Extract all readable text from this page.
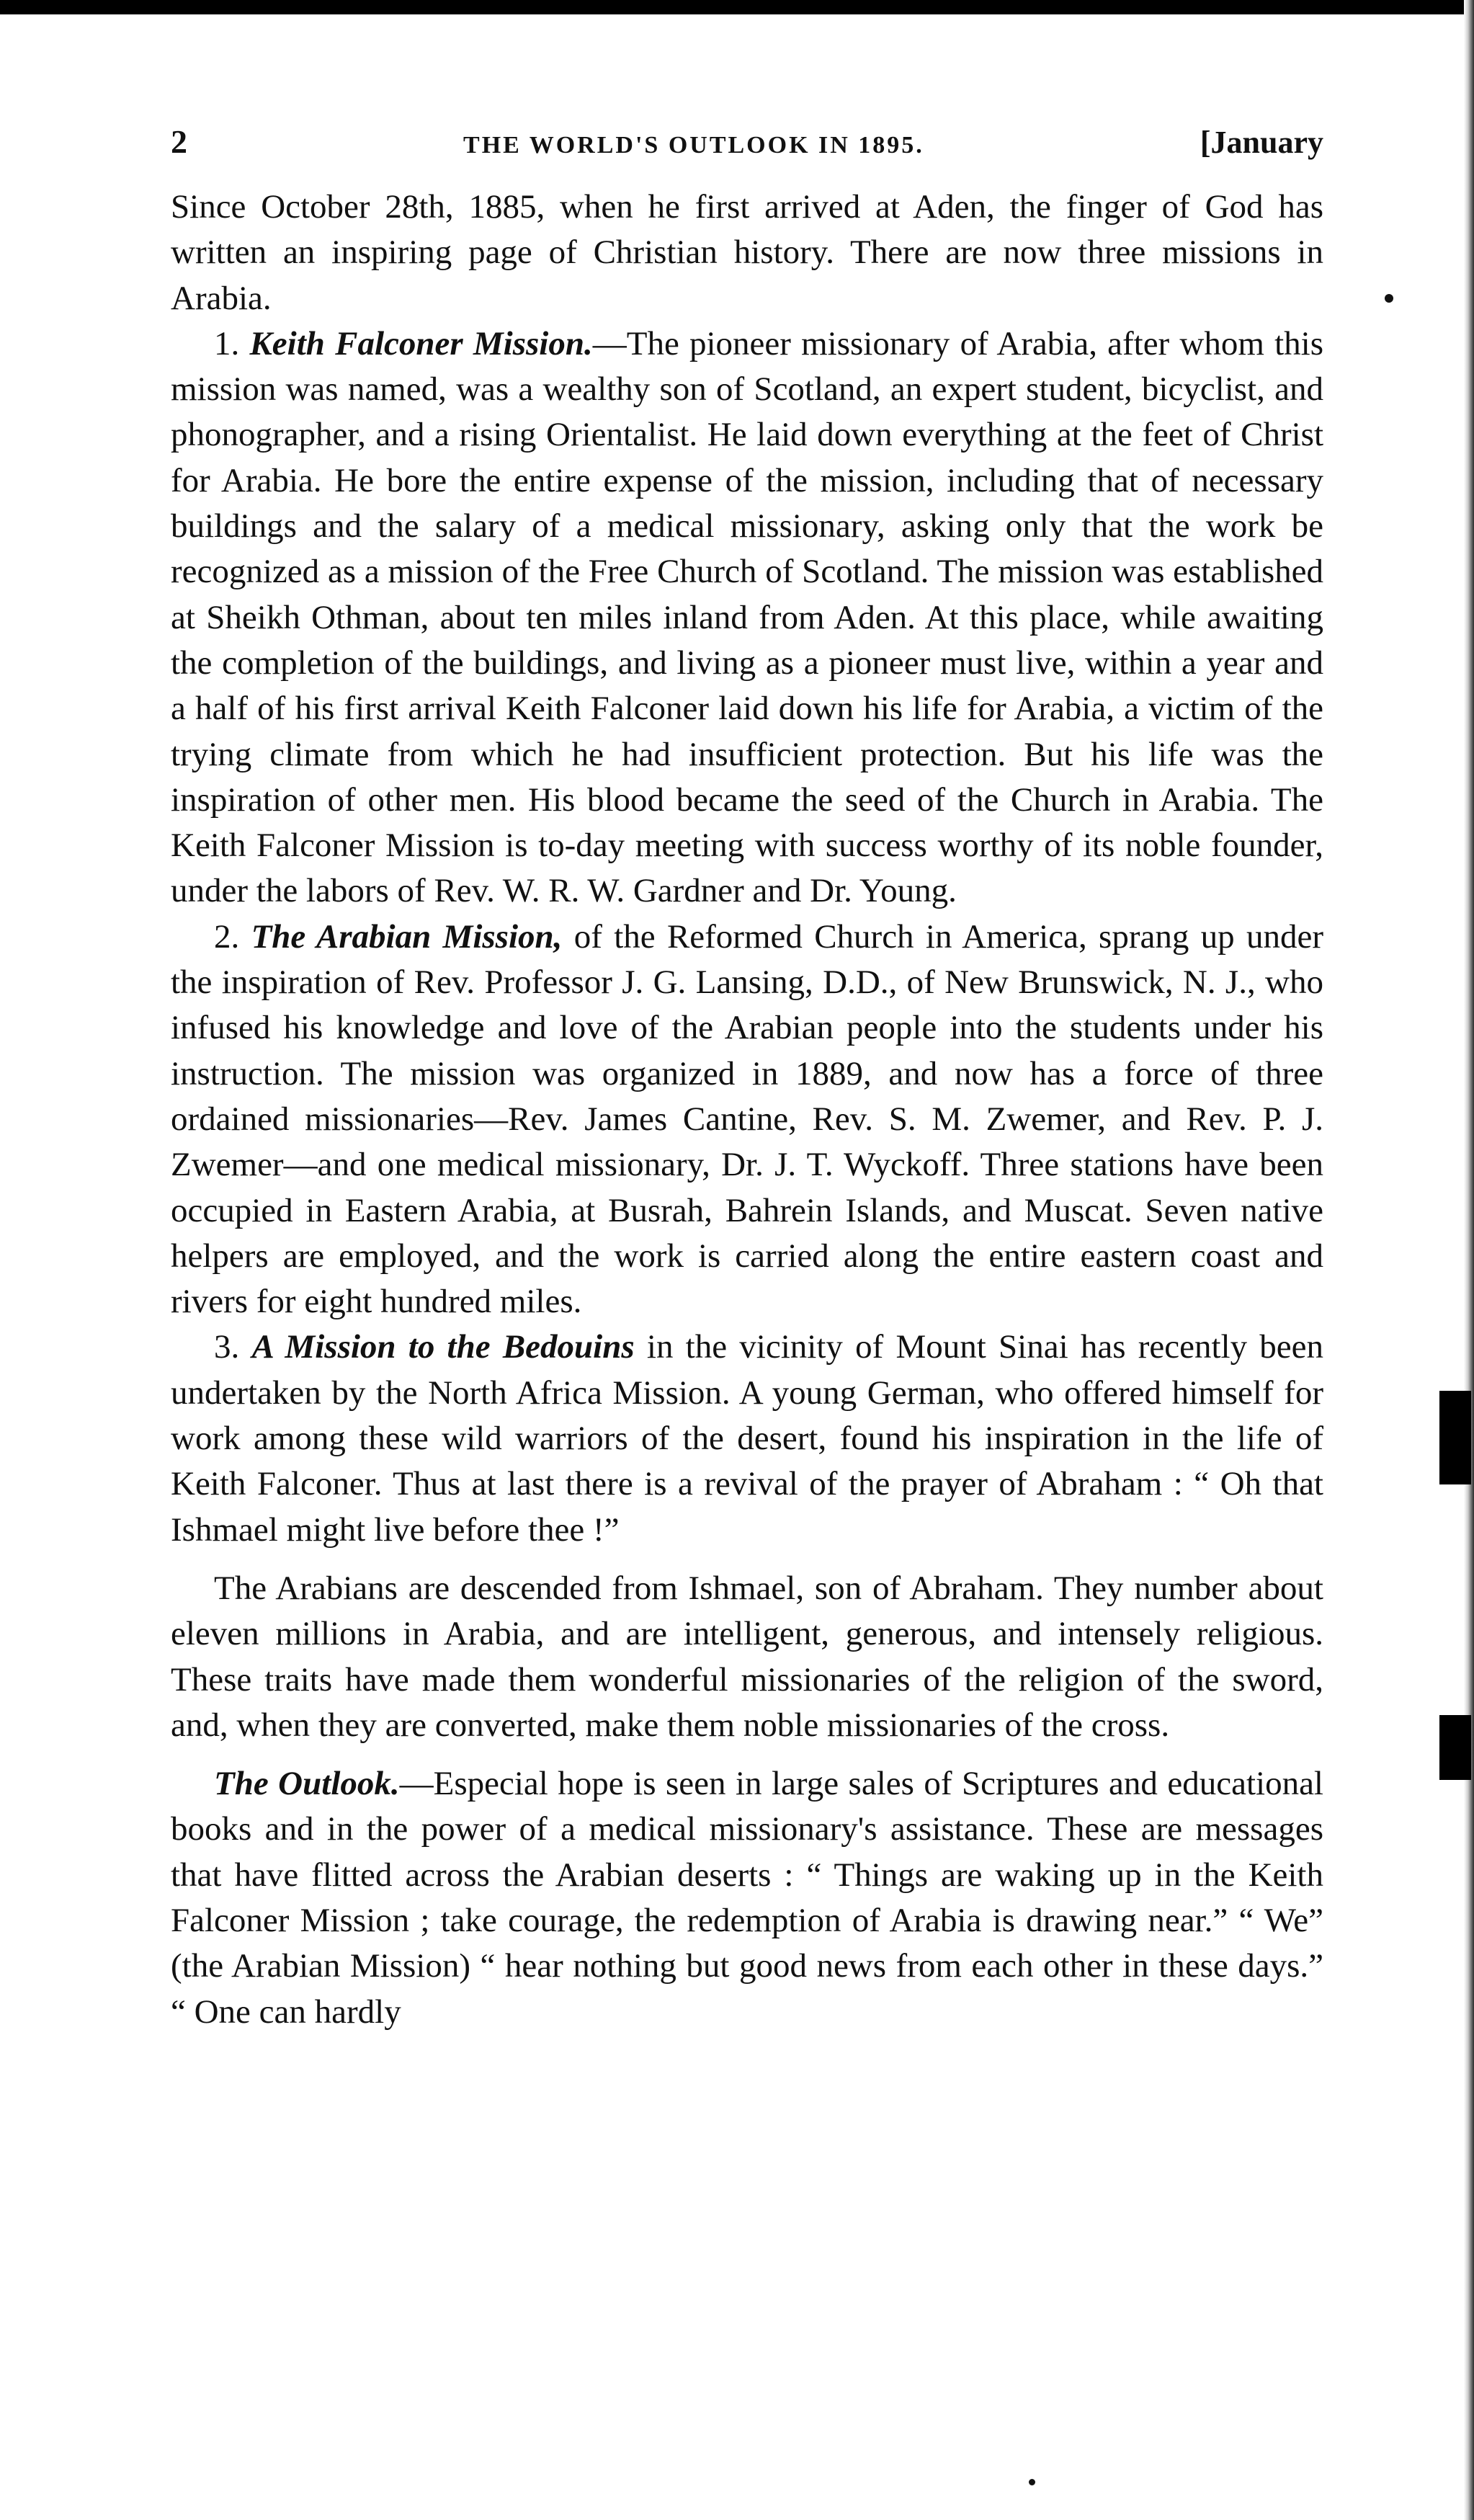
2	THE WORLD'S OUTLOOK IN 1895.	[January

Since October 28th, 1885, when he first arrived at Aden, the finger of God has written an inspiring page of Christian history. There are now three missions in Arabia.

1. Keith Falconer Mission.—The pioneer missionary of Arabia, after whom this mission was named, was a wealthy son of Scotland, an expert student, bicyclist, and phonographer, and a rising Orientalist. He laid down everything at the feet of Christ for Arabia. He bore the entire expense of the mission, including that of necessary buildings and the salary of a medical missionary, asking only that the work be recognized as a mission of the Free Church of Scotland. The mission was established at Sheikh Othman, about ten miles inland from Aden. At this place, while awaiting the completion of the buildings, and living as a pioneer must live, within a year and a half of his first arrival Keith Falconer laid down his life for Arabia, a victim of the trying climate from which he had insufficient protection. But his life was the inspiration of other men. His blood became the seed of the Church in Arabia. The Keith Falconer Mission is to-day meeting with success worthy of its noble founder, under the labors of Rev. W. R. W. Gardner and Dr. Young.

2. The Arabian Mission, of the Reformed Church in America, sprang up under the inspiration of Rev. Professor J. G. Lansing, D.D., of New Brunswick, N. J., who infused his knowledge and love of the Arabian people into the students under his instruction. The mission was organized in 1889, and now has a force of three ordained missionaries—Rev. James Cantine, Rev. S. M. Zwemer, and Rev. P. J. Zwemer—and one medical missionary, Dr. J. T. Wyckoff. Three stations have been occupied in Eastern Arabia, at Busrah, Bahrein Islands, and Muscat. Seven native helpers are employed, and the work is carried along the entire eastern coast and rivers for eight hundred miles.

3. A Mission to the Bedouins in the vicinity of Mount Sinai has recently been undertaken by the North Africa Mission. A young German, who offered himself for work among these wild warriors of the desert, found his inspiration in the life of Keith Falconer. Thus at last there is a revival of the prayer of Abraham : “ Oh that Ishmael might live before thee !”

The Arabians are descended from Ishmael, son of Abraham. They number about eleven millions in Arabia, and are intelligent, generous, and intensely religious. These traits have made them wonderful missionaries of the religion of the sword, and, when they are converted, make them noble missionaries of the cross.

The Outlook.—Especial hope is seen in large sales of Scriptures and educational books and in the power of a medical missionary's assistance. These are messages that have flitted across the Arabian deserts : “ Things are waking up in the Keith Falconer Mission ; take courage, the redemption of Arabia is drawing near.” “ We” (the Arabian Mission) “ hear nothing but good news from each other in these days.” “ One can hardly
